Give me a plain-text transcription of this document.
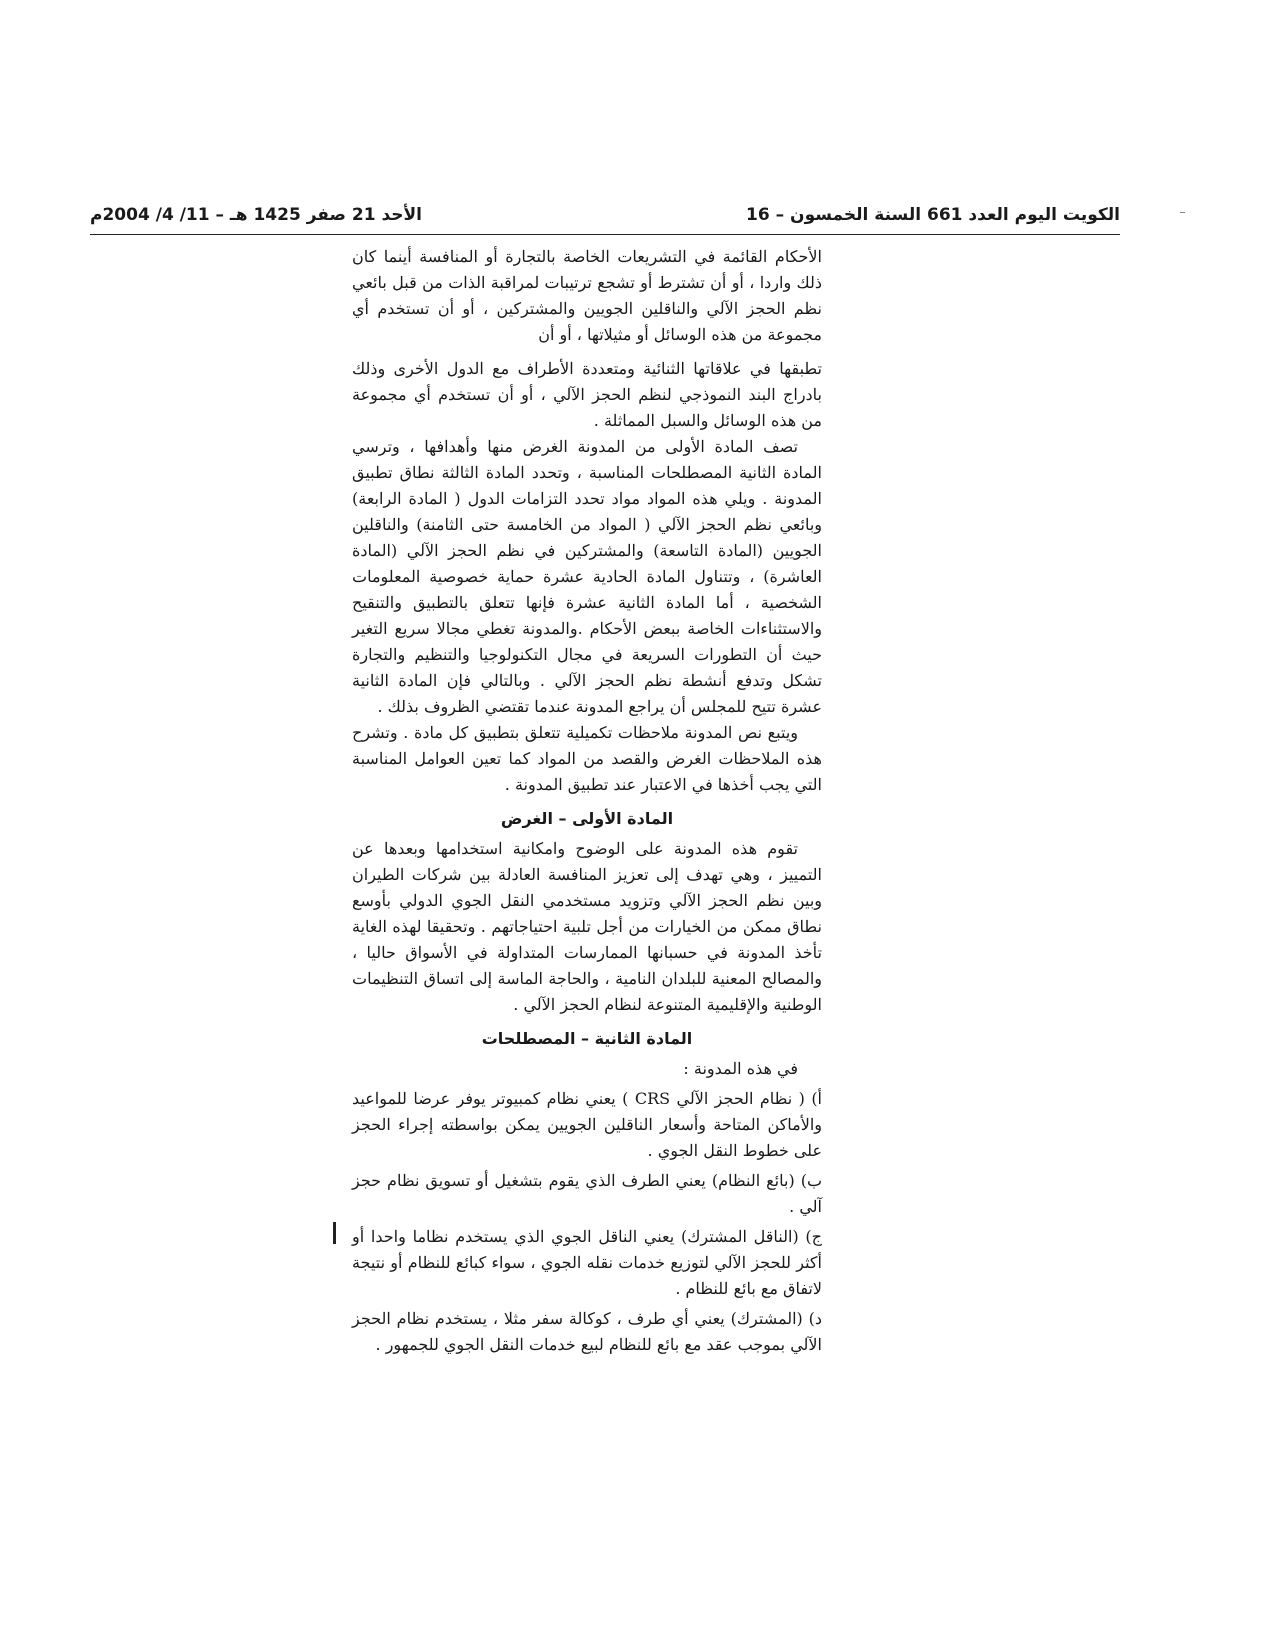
الكويت اليوم العدد 661 السنة الخمسون – 16
الأحد 21 صفر 1425 هـ – 11/ 4/ 2004م

الأحكام القائمة في التشريعات الخاصة بالتجارة أو المنافسة أينما كان ذلك واردا ، أو أن تشترط أو تشجع ترتيبات لمراقبة الذات من قبل بائعي نظم الحجز الآلي والناقلين الجويين والمشتركين ، أو أن تستخدم أي مجموعة من هذه الوسائل أو مثيلاتها ، أو أن

تطبقها في علاقاتها الثنائية ومتعددة الأطراف مع الدول الأخرى وذلك بادراج البند النموذجي لنظم الحجز الآلي ، أو أن تستخدم أي مجموعة من هذه الوسائل والسبل المماثلة .

تصف المادة الأولى من المدونة الغرض منها وأهدافها ، وترسي المادة الثانية المصطلحات المناسبة ، وتحدد المادة الثالثة نطاق تطبيق المدونة . ويلي هذه المواد مواد تحدد التزامات الدول ( المادة الرابعة) وبائعي نظم الحجز الآلي ( المواد من الخامسة حتى الثامنة) والناقلين الجويين (المادة التاسعة) والمشتركين في نظم الحجز الآلي (المادة العاشرة) ، وتتناول المادة الحادية عشرة حماية خصوصية المعلومات الشخصية ، أما المادة الثانية عشرة فإنها تتعلق بالتطبيق والتنقيح والاستثناءات الخاصة ببعض الأحكام .والمدونة تغطي مجالا سريع التغير حيث أن التطورات السريعة في مجال التكنولوجيا والتنظيم والتجارة تشكل وتدفع أنشطة نظم الحجز الآلي . وبالتالي فإن المادة الثانية عشرة تتيح للمجلس أن يراجع المدونة عندما تقتضي الظروف بذلك .

ويتبع نص المدونة ملاحظات تكميلية تتعلق بتطبيق كل مادة . وتشرح هذه الملاحظات الغرض والقصد من المواد كما تعين العوامل المناسبة التي يجب أخذها في الاعتبار عند تطبيق المدونة .

المادة الأولى – الغرض

تقوم هذه المدونة على الوضوح وامكانية استخدامها وبعدها عن التمييز ، وهي تهدف إلى تعزيز المنافسة العادلة بين شركات الطيران وبين نظم الحجز الآلي وتزويد مستخدمي النقل الجوي الدولي بأوسع نطاق ممكن من الخيارات من أجل تلبية احتياجاتهم . وتحقيقا لهذه الغاية تأخذ المدونة في حسبانها الممارسات المتداولة في الأسواق حاليا ، والمصالح المعنية للبلدان النامية ، والحاجة الماسة إلى اتساق التنظيمات الوطنية والإقليمية المتنوعة لنظام الحجز الآلي .

المادة الثانية – المصطلحات

في هذه المدونة :

أ) ( نظام الحجز الآلي CRS ) يعني نظام كمبيوتر يوفر عرضا للمواعيد والأماكن المتاحة وأسعار الناقلين الجويين يمكن بواسطته إجراء الحجز على خطوط النقل الجوي .

ب) (بائع النظام) يعني الطرف الذي يقوم بتشغيل أو تسويق نظام حجز آلي .

ج) (الناقل المشترك) يعني الناقل الجوي الذي يستخدم نظاما واحدا أو أكثر للحجز الآلي لتوزيع خدمات نقله الجوي ، سواء كبائع للنظام أو نتيجة لاتفاق مع بائع للنظام .

د) (المشترك) يعني أي طرف ، كوكالة سفر مثلا ، يستخدم نظام الحجز الآلي بموجب عقد مع بائع للنظام لبيع خدمات النقل الجوي للجمهور .
